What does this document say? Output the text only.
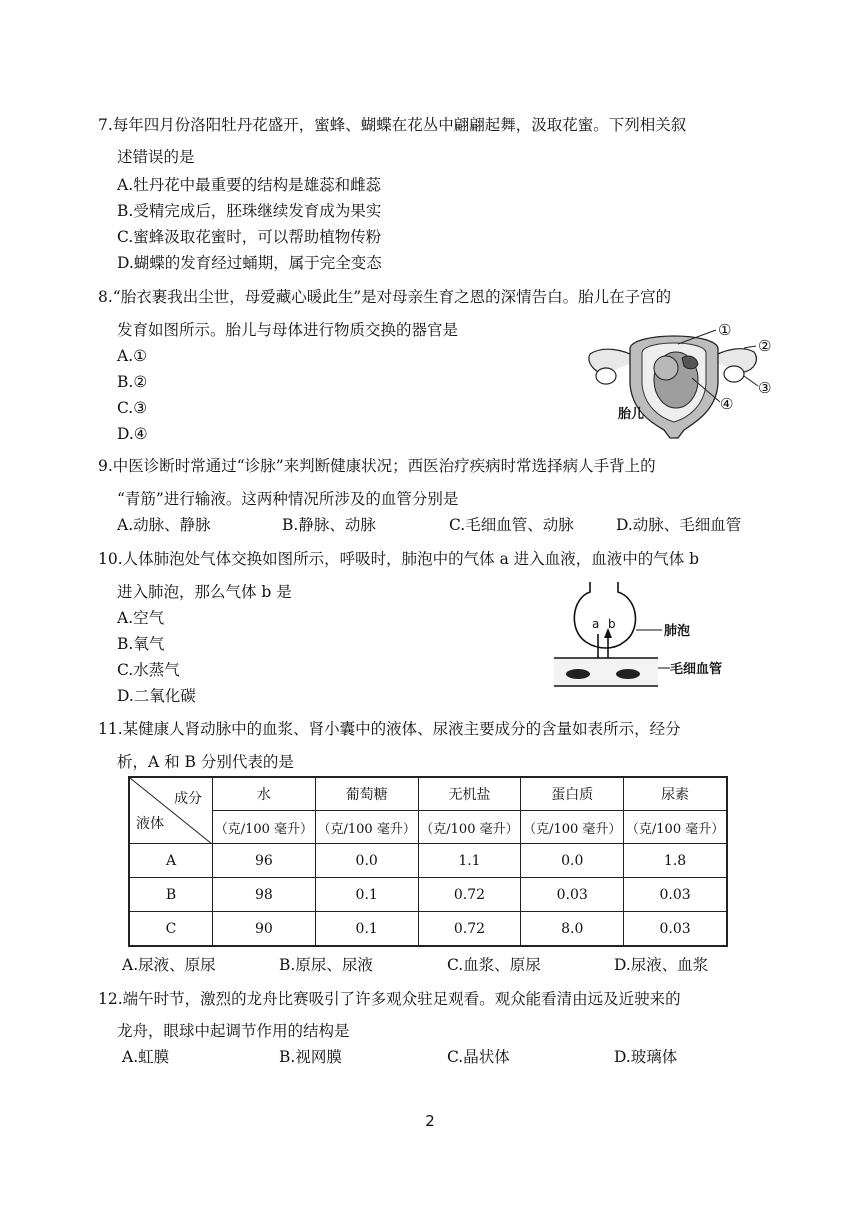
7.每年四月份洛阳牡丹花盛开，蜜蜂、蝴蝶在花丛中翩翩起舞，汲取花蜜。下列相关叙
述错误的是
A.牡丹花中最重要的结构是雄蕊和雌蕊
B.受精完成后，胚珠继续发育成为果实
C.蜜蜂汲取花蜜时，可以帮助植物传粉
D.蝴蝶的发育经过蛹期，属于完全变态
8.“胎衣裹我出尘世，母爱藏心暖此生”是对母亲生育之恩的深情告白。胎儿在子宫的
发育如图所示。胎儿与母体进行物质交换的器官是
A.①
B.②
C.③
D.④
①
②
③
④
胎儿
9.中医诊断时常通过“诊脉”来判断健康状况；西医治疗疾病时常选择病人手背上的
“青筋”进行输液。这两种情况所涉及的血管分别是
A.动脉、静脉	B.静脉、动脉	C.毛细血管、动脉	D.动脉、毛细血管
10.人体肺泡处气体交换如图所示，呼吸时，肺泡中的气体 a 进入血液，血液中的气体 b
进入肺泡，那么气体 b 是
A.空气
B.氧气
C.水蒸气
D.二氧化碳
a b	肺泡
毛细血管
11.某健康人肾动脉中的血浆、肾小囊中的液体、尿液主要成分的含量如表所示，经分
析，A 和 B 分别代表的是
成分
液体	水	葡萄糖	无机盐	蛋白质	尿素
	（克/100 毫升）	（克/100 毫升）	（克/100 毫升）	（克/100 毫升）	（克/100 毫升）
A	96	0.0	1.1	0.0	1.8
B	98	0.1	0.72	0.03	0.03
C	90	0.1	0.72	8.0	0.03
A.尿液、原尿	B.原尿、尿液	C.血浆、原尿	D.尿液、血浆
12.端午时节，激烈的龙舟比赛吸引了许多观众驻足观看。观众能看清由远及近驶来的
龙舟，眼球中起调节作用的结构是
A.虹膜	B.视网膜	C.晶状体	D.玻璃体
2
